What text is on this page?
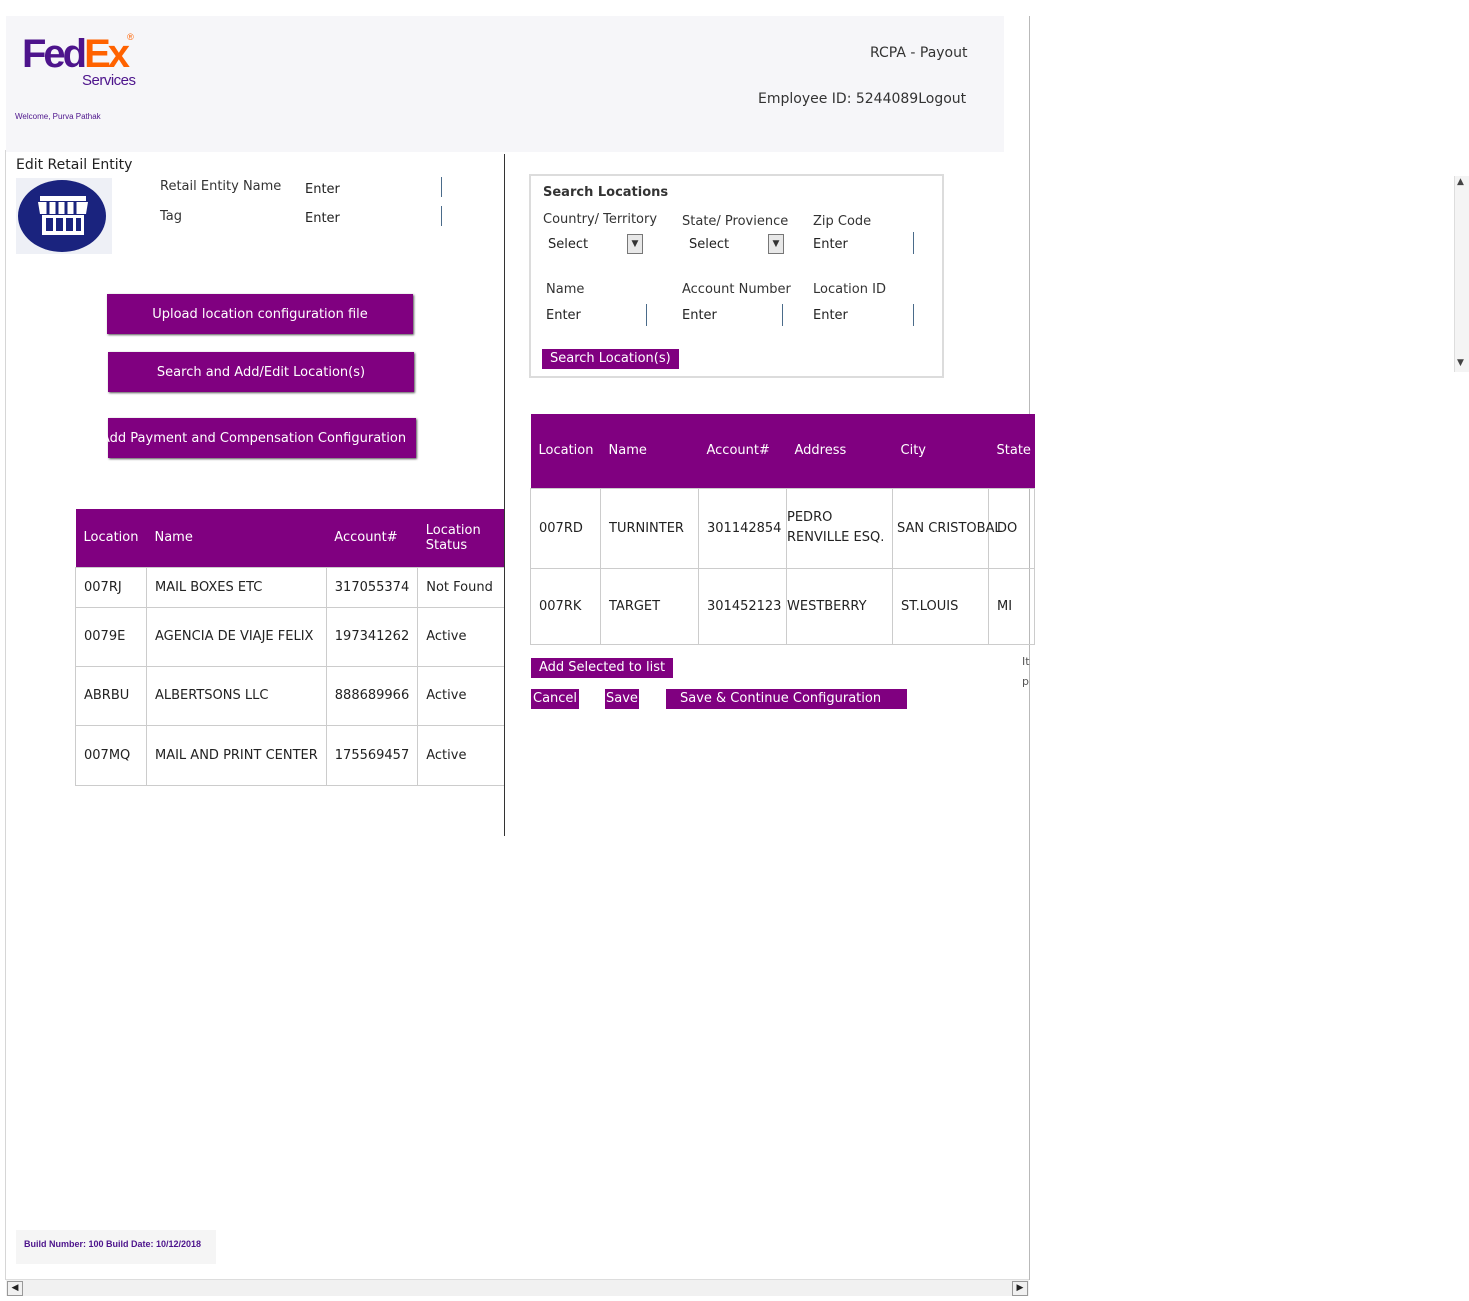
FedEx®
Services
Welcome, Purva Pathak
RCPA - Payout
Employee ID: 5244089Logout
Edit Retail Entity
Retail Entity Name Enter
Tag	Enter
Upload location configuration file
Search and Add/Edit Location(s)
Add Payment and Compensation Configuration
Location	Name	Account#	Location Status
007RJ	MAIL BOXES ETC	317055374	Not Found
0079E	AGENCIA DE VIAJE FELIX	197341262	Active
ABRBU	ALBERTSONS LLC	888689966	Active
007MQ	MAIL AND PRINT CENTER	175569457	Active
Search Locations
Country/ Territory
Select	▼
State/ Provience
Select	▼
Zip Code
Enter
Name
Enter
Account Number
Enter
Location ID
Enter
Search Location(s)
▲
▼
Location	Name	Account#	Address	City	State
007RD	TURNINTER	301142854	PEDRO RENVILLE ESQ.	SAN CRISTOBAL	DO
007RK	TARGET	301452123	WESTBERRY	ST.LOUIS	MI
Add Selected to list
Cancel Save	Save & Continue Configuration
It
p
Build Number: 100 Build Date: 10/12/2018
◀	▶
